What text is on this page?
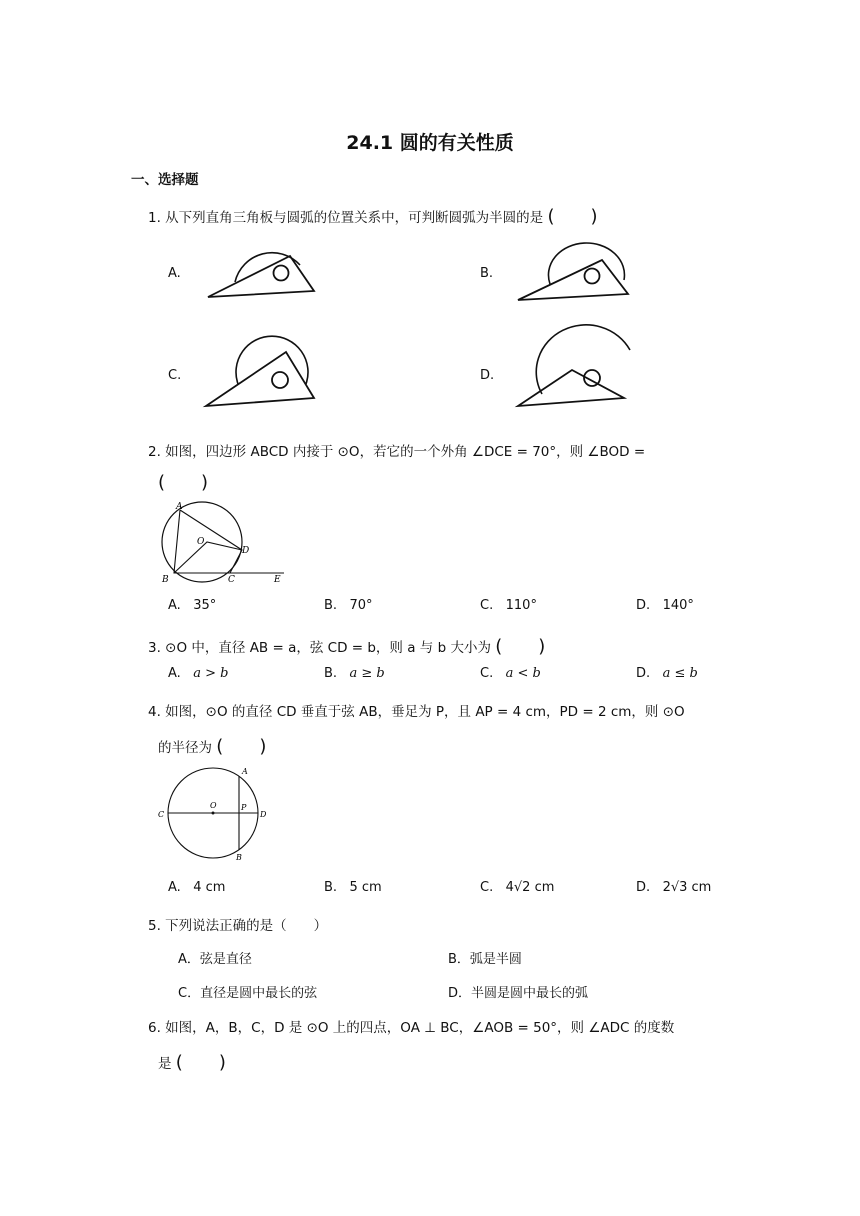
24.1 圆的有关性质
一、选择题
1. 从下列直角三角板与圆弧的位置关系中，可判断圆弧为半圆的是 (　　)
A.	B.
C.	D.
2. 如图，四边形 ABCD 内接于 ⊙O，若它的一个外角 ∠DCE = 70°，则 ∠BOD =
(　　)
A
O
D
B	C	E
A. 35°	B. 70°	C. 110°	D. 140°
3. ⊙O 中，直径 AB = a，弦 CD = b，则 a 与 b 大小为 (　　)
A. a > b	B. a ≥ b	C. a < b	D. a ≤ b
4. 如图，⊙O 的直径 CD 垂直于弦 AB，垂足为 P，且 AP = 4 cm，PD = 2 cm，则 ⊙O
的半径为 (　　)
A
C
O	P
D
B
A. 4 cm	B. 5 cm	C. 4√2 cm	D. 2√3 cm
5. 下列说法正确的是（　　）
A．弦是直径	B．弧是半圆
C．直径是圆中最长的弦	D．半圆是圆中最长的弧
6. 如图，A，B，C，D 是 ⊙O 上的四点，OA ⊥ BC，∠AOB = 50°，则 ∠ADC 的度数
是 (　　)
